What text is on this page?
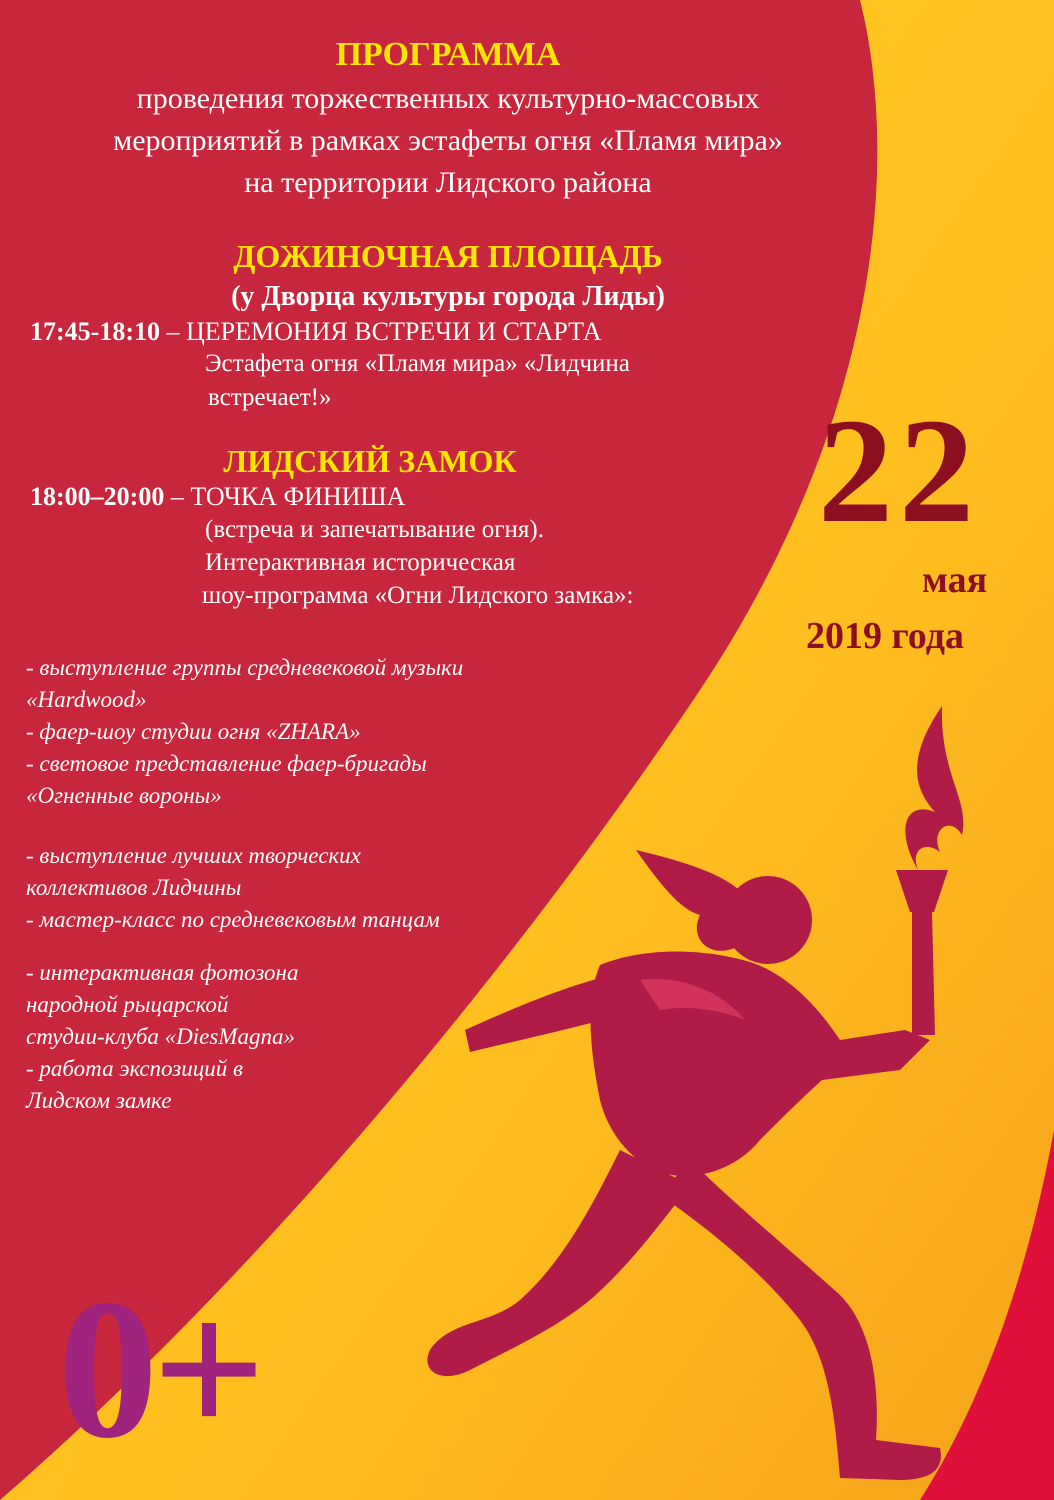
ПРОГРАММА
проведения торжественных культурно-массовых
мероприятий в рамках эстафеты огня «Пламя мира»
на территории Лидского района
ДОЖИНОЧНАЯ ПЛОЩАДЬ
(у Дворца культуры города Лиды)
17:45-18:10 – ЦЕРЕМОНИЯ ВСТРЕЧИ И СТАРТА
Эстафета огня «Пламя мира» «Лидчина
встречает!»
ЛИДСКИЙ ЗАМОК
18:00–20:00 – ТОЧКА ФИНИША
(встреча и запечатывание огня).
Интерактивная историческая
шоу-программа «Огни Лидского замка»:
- выступление группы средневековой музыки
«Hardwood»
- фаер-шоу студии огня «ZHARA»
- световое представление фаер-бригады
«Огненные вороны»
- выступление лучших творческих
коллективов Лидчины
- мастер-класс по средневековым танцам
- интерактивная фотозона
народной рыцарской
студии-клуба «DiesMagna»
- работа экспозиций в
Лидском замке
22
мая
2019 года
0+
